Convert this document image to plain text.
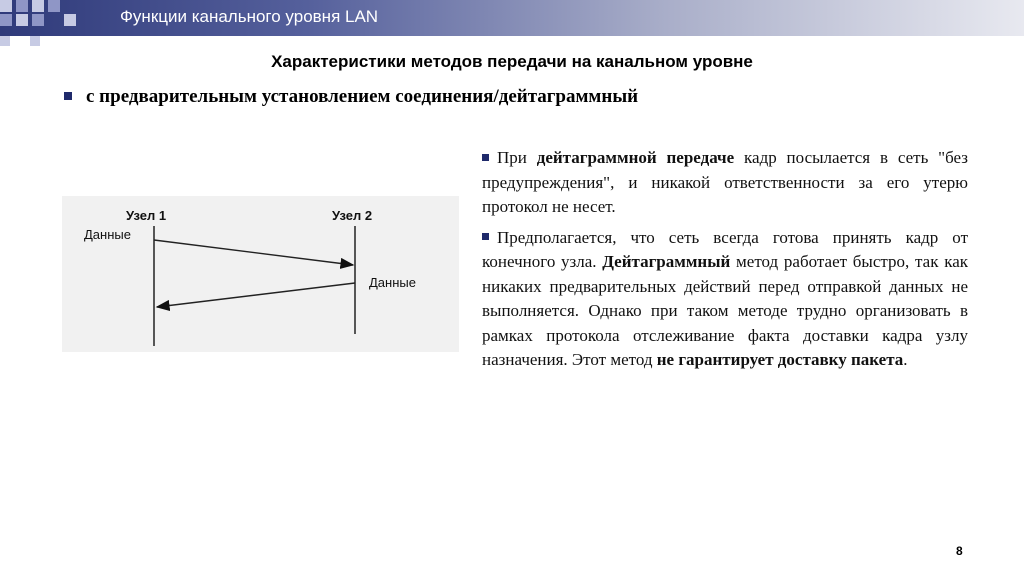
Функции канального уровня LAN
Характеристики методов передачи на канальном уровне
с предварительным установлением соединения/дейтаграммный
Узел 1	Узел 2
Данные
Данные

При дейтаграммной передаче кадр посылается в сеть "без предупреждения", и никакой ответственности за его утерю протокол не несет.

Предполагается, что сеть всегда готова принять кадр от конечного узла. Дейтаграммный метод работает быстро, так как никаких предварительных действий перед отправкой данных не выполняется. Однако при таком методе трудно организовать в рамках протокола отслеживание факта доставки кадра узлу назначения. Этот метод не гарантирует доставку пакета.

8
